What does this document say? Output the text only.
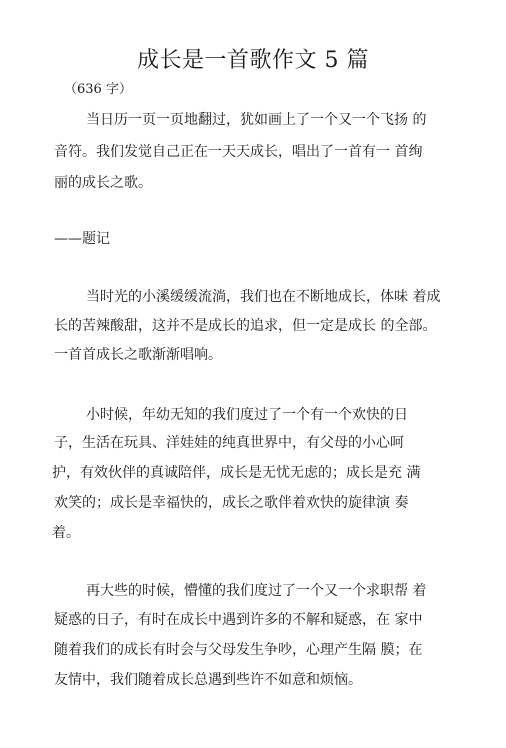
成长是一首歌作文 5 篇
（636 字）
当日历一页一页地翻过，犹如画上了一个又一个飞扬 的
音符。我们发觉自己正在一天天成长，唱出了一首有一 首绚
丽的成长之歌。
——题记
当时光的小溪缓缓流淌，我们也在不断地成长，体味 着成
长的苦辣酸甜，这并不是成长的追求，但一定是成长 的全部。
一首首成长之歌渐渐唱响。
小时候，年幼无知的我们度过了一个有一个欢快的日
子，生活在玩具、洋娃娃的纯真世界中，有父母的小心呵
护，有效伙伴的真诚陪伴，成长是无忧无虑的；成长是充 满
欢笑的；成长是幸福快的，成长之歌伴着欢快的旋律演 奏
着。
再大些的时候，懵懂的我们度过了一个又一个求职帮 着
疑惑的日子，有时在成长中遇到许多的不解和疑惑，在 家中
随着我们的成长有时会与父母发生争吵，心理产生隔 膜；在
友情中，我们随着成长总遇到些许不如意和烦恼。
